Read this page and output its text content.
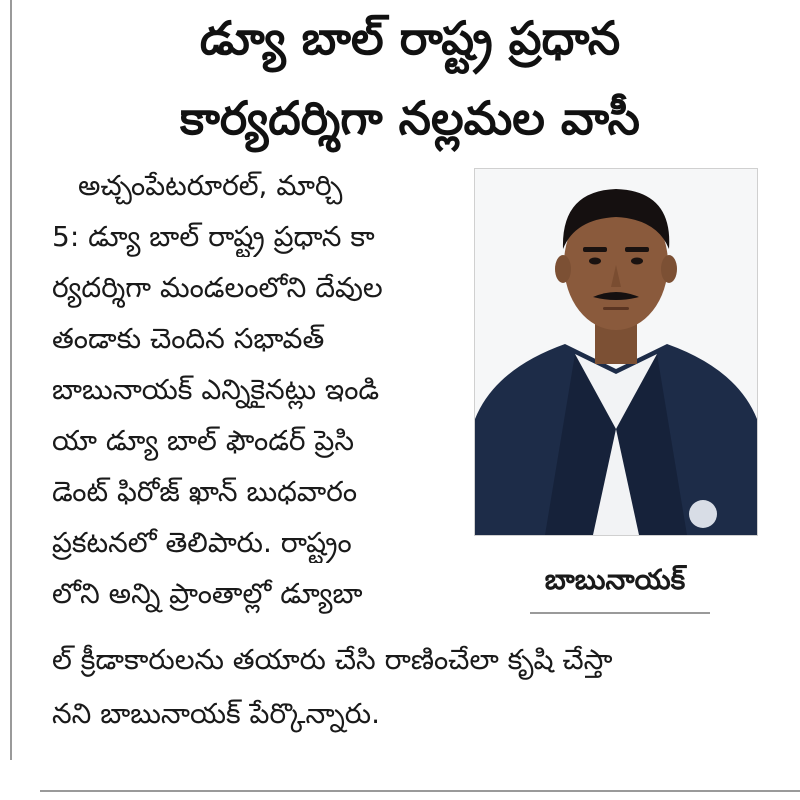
డ్యూ బాల్ రాష్ట్ర ప్రధాన
కార్యదర్శిగా నల్లమల వాసీ
అచ్చంపేటరూరల్, మార్చి
5: డ్యూ బాల్ రాష్ట్ర ప్రధాన కా
ర్యదర్శిగా మండలంలోని దేవుల
తండాకు చెందిన సభావత్
బాబునాయక్ ఎన్నికైనట్లు ఇండి
యా డ్యూ బాల్ ఫౌండర్ ప్రెసి
డెంట్ ఫిరోజ్ ఖాన్ బుధవారం
ప్రకటనలో తెలిపారు. రాష్ట్రం
లోని అన్ని ప్రాంతాల్లో డ్యూబా
ల్ క్రీడాకారులను తయారు చేసి రాణించేలా కృషి చేస్తా
నని బాబునాయక్ పేర్కొన్నారు.
బాబునాయక్
